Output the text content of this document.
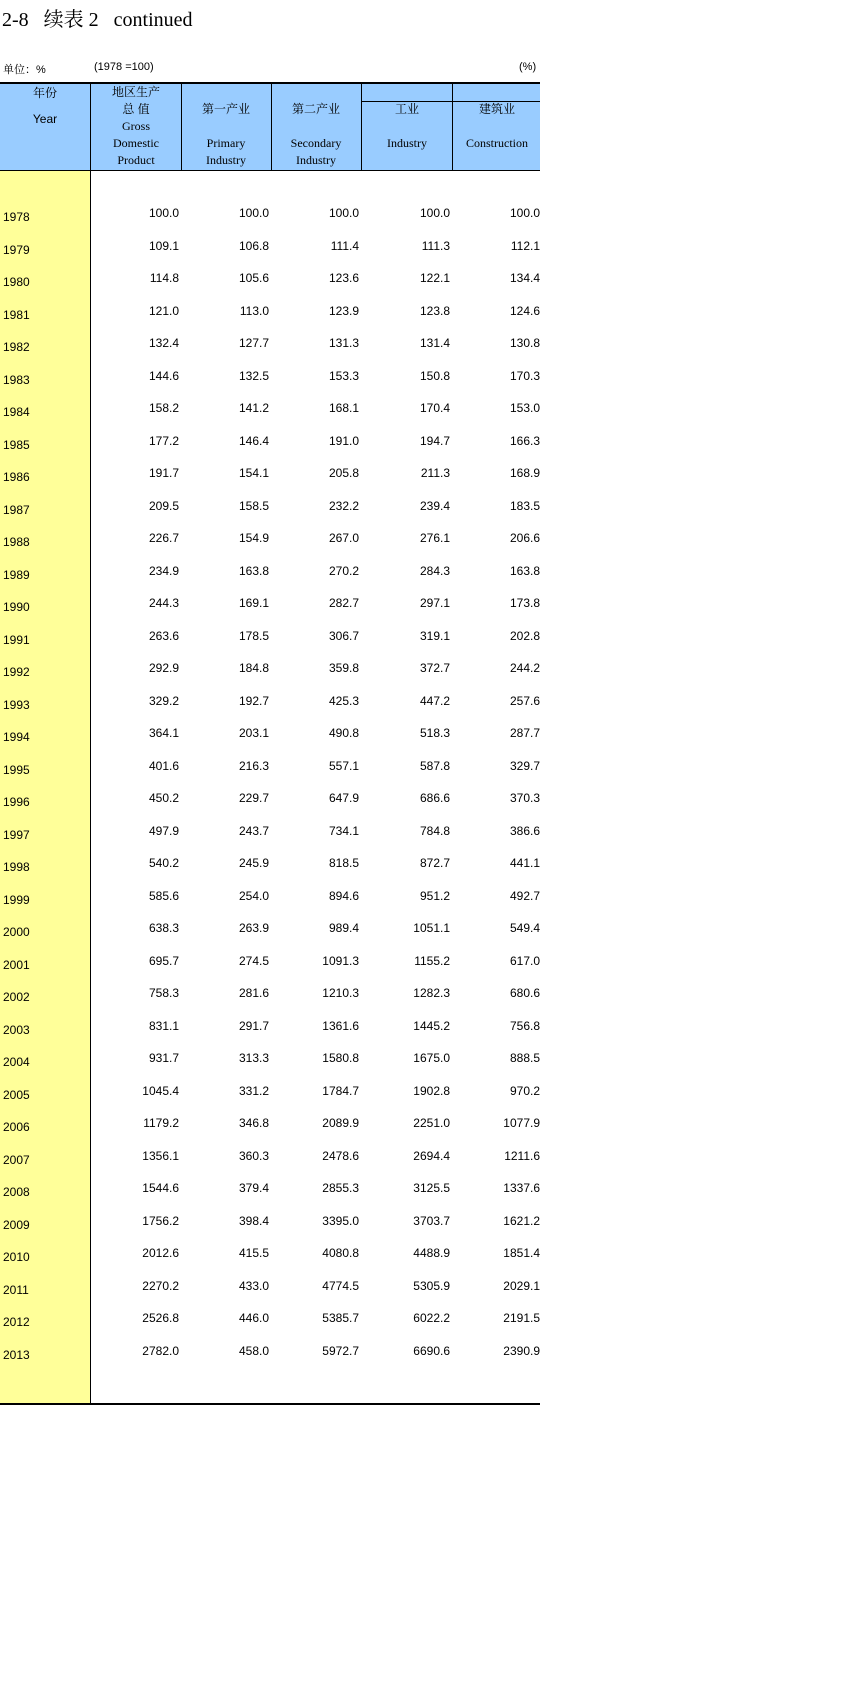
2-8   续表 2   continued
单位：%	(1978 =100)	(%)
年份
Year
地区生产
总 值
Gross
Domestic
Product
第一产业
Primary
Industry
第二产业
Secondary
Industry
工业
Industry
建筑业
Construction
1978	100.0	100.0	100.0	100.0	100.0
1979	109.1	106.8	111.4	111.3	112.1
1980	114.8	105.6	123.6	122.1	134.4
1981	121.0	113.0	123.9	123.8	124.6
1982	132.4	127.7	131.3	131.4	130.8
1983	144.6	132.5	153.3	150.8	170.3
1984	158.2	141.2	168.1	170.4	153.0
1985	177.2	146.4	191.0	194.7	166.3
1986	191.7	154.1	205.8	211.3	168.9
1987	209.5	158.5	232.2	239.4	183.5
1988	226.7	154.9	267.0	276.1	206.6
1989	234.9	163.8	270.2	284.3	163.8
1990	244.3	169.1	282.7	297.1	173.8
1991	263.6	178.5	306.7	319.1	202.8
1992	292.9	184.8	359.8	372.7	244.2
1993	329.2	192.7	425.3	447.2	257.6
1994	364.1	203.1	490.8	518.3	287.7
1995	401.6	216.3	557.1	587.8	329.7
1996	450.2	229.7	647.9	686.6	370.3
1997	497.9	243.7	734.1	784.8	386.6
1998	540.2	245.9	818.5	872.7	441.1
1999	585.6	254.0	894.6	951.2	492.7
2000	638.3	263.9	989.4	1051.1	549.4
2001	695.7	274.5	1091.3	1155.2	617.0
2002	758.3	281.6	1210.3	1282.3	680.6
2003	831.1	291.7	1361.6	1445.2	756.8
2004	931.7	313.3	1580.8	1675.0	888.5
2005	1045.4	331.2	1784.7	1902.8	970.2
2006	1179.2	346.8	2089.9	2251.0	1077.9
2007	1356.1	360.3	2478.6	2694.4	1211.6
2008	1544.6	379.4	2855.3	3125.5	1337.6
2009	1756.2	398.4	3395.0	3703.7	1621.2
2010	2012.6	415.5	4080.8	4488.9	1851.4
2011	2270.2	433.0	4774.5	5305.9	2029.1
2012	2526.8	446.0	5385.7	6022.2	2191.5
2013	2782.0	458.0	5972.7	6690.6	2390.9
